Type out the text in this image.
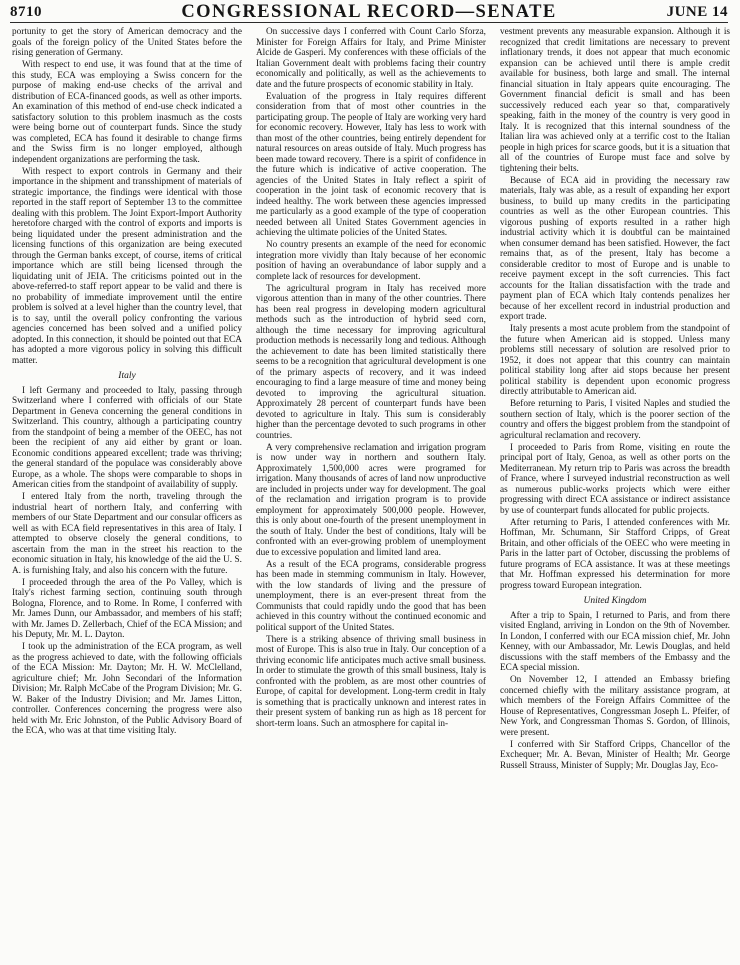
8710	CONGRESSIONAL RECORD—SENATE	JUNE 14

portunity to get the story of American democracy and the goals of the foreign policy of the United States before the rising generation of Germany.

With respect to end use, it was found that at the time of this study, ECA was employing a Swiss concern for the purpose of making end-use checks of the arrival and distribution of ECA-financed goods, as well as other imports. An examination of this method of end-use check indicated a satisfactory solution to this problem inasmuch as the costs were being borne out of counterpart funds. Since the study was completed, ECA has found it desirable to change firms and the Swiss firm is no longer employed, although independent organizations are performing the task.

With respect to export controls in Germany and their importance in the shipment and transshipment of materials of strategic importance, the findings were identical with those reported in the staff report of September 13 to the committee dealing with this problem. The Joint Export-Import Authority heretofore charged with the control of exports and imports is being liquidated under the present administration and the licensing functions of this organization are being executed through the German banks except, of course, items of critical importance which are still being licensed through the liquidating unit of JEIA. The criticisms pointed out in the above-referred-to staff report appear to be valid and there is no probability of immediate improvement until the entire problem is solved at a level higher than the country level, that is to say, until the overall policy confronting the various agencies concerned has been solved and a unified policy adopted. In this connection, it should be pointed out that ECA has adopted a more vigorous policy in solving this difficult matter.

Italy

I left Germany and proceeded to Italy, passing through Switzerland where I conferred with officials of our State Department in Geneva concerning the general conditions in Switzerland. This country, although a participating country from the standpoint of being a member of the OEEC, has not been the recipient of any aid either by grant or loan. Economic conditions appeared excellent; trade was thriving; the general standard of the populace was considerably above Europe, as a whole. The shops were comparable to shops in American cities from the standpoint of availability of supply.

I entered Italy from the north, traveling through the industrial heart of northern Italy, and conferring with members of our State Department and our consular officers as well as with ECA field representatives in this area of Italy. I attempted to observe closely the general conditions, to ascertain from the man in the street his reaction to the economic situation in Italy, his knowledge of the aid the U. S. A. is furnishing Italy, and also his concern with the future.

I proceeded through the area of the Po Valley, which is Italy's richest farming section, continuing south through Bologna, Florence, and to Rome. In Rome, I conferred with Mr. James Dunn, our Ambassador, and members of his staff; with Mr. James D. Zellerbach, Chief of the ECA Mission; and his Deputy, Mr. M. L. Dayton.

I took up the administration of the ECA program, as well as the progress achieved to date, with the following officials of the ECA Mission: Mr. Dayton; Mr. H. W. McClelland, agriculture chief; Mr. John Secondari of the Information Division; Mr. Ralph McCabe of the Program Division; Mr. G. W. Baker of the Industry Division; and Mr. James Litton, controller. Conferences concerning the progress were also held with Mr. Eric Johnston, of the Public Advisory Board of the ECA, who was at that time visiting Italy.

On successive days I conferred with Count Carlo Sforza, Minister for Foreign Affairs for Italy, and Prime Minister Alcide de Gasperi. My conferences with these officials of the Italian Government dealt with problems facing their country economically and politically, as well as the achievements to date and the future prospects of economic stability in Italy.

Evaluation of the progress in Italy requires different consideration from that of most other countries in the participating group. The people of Italy are working very hard for economic recovery. However, Italy has less to work with than most of the other countries, being entirely dependent for natural resources on areas outside of Italy. Much progress has been made toward recovery. There is a spirit of confidence in the future which is indicative of active cooperation. The agencies of the United States in Italy reflect a spirit of cooperation in the joint task of economic recovery that is indeed healthy. The work between these agencies impressed me particularly as a good example of the type of cooperation needed between all United States Government agencies in achieving the ultimate policies of the United States.

No country presents an example of the need for economic integration more vividly than Italy because of her economic position of having an overabundance of labor supply and a complete lack of resources for development.

The agricultural program in Italy has received more vigorous attention than in many of the other countries. There has been real progress in developing modern agricultural methods such as the introduction of hybrid seed corn, although the time necessary for improving agricultural production methods is necessarily long and tedious. Although the achievement to date has been limited statistically there seems to be a recognition that agricultural development is one of the primary aspects of recovery, and it was indeed encouraging to find a large measure of time and money being devoted to improving the agricultural situation. Approximately 28 percent of counterpart funds have been devoted to agriculture in Italy. This sum is considerably higher than the percentage devoted to such programs in other countries.

A very comprehensive reclamation and irrigation program is now under way in northern and southern Italy. Approximately 1,500,000 acres were programed for irrigation. Many thousands of acres of land now unproductive are included in projects under way for development. The goal of the reclamation and irrigation program is to provide employment for approximately 500,000 people. However, this is only about one-fourth of the present unemployment in the south of Italy. Under the best of conditions, Italy will be confronted with an ever-growing problem of unemployment due to excessive population and limited land area.

As a result of the ECA programs, considerable progress has been made in stemming communism in Italy. However, with the low standards of living and the pressure of unemployment, there is an ever-present threat from the Communists that could rapidly undo the good that has been achieved in this country without the continued economic and political support of the United States.

There is a striking absence of thriving small business in most of Europe. This is also true in Italy. Our conception of a thriving economic life anticipates much active small business. In order to stimulate the growth of this small business, Italy is confronted with the problem, as are most other countries of Europe, of capital for development. Long-term credit in Italy is something that is practically unknown and interest rates in their present system of banking run as high as 18 percent for short-term loans. Such an atmosphere for capital in-

vestment prevents any measurable expansion. Although it is recognized that credit limitations are necessary to prevent inflationary trends, it does not appear that much economic expansion can be achieved until there is ample credit available for business, both large and small. The internal financial situation in Italy appears quite encouraging. The Government financial deficit is small and has been successively reduced each year so that, comparatively speaking, faith in the money of the country is very good in Italy. It is recognized that this internal soundness of the Italian lira was achieved only at a terrific cost to the Italian people in high prices for scarce goods, but it is a situation that all of the countries of Europe must face and solve by tightening their belts.

Because of ECA aid in providing the necessary raw materials, Italy was able, as a result of expanding her export business, to build up many credits in the participating countries as well as the other European countries. This vigorous pushing of exports resulted in a rather high industrial activity which it is doubtful can be maintained when consumer demand has been satisfied. However, the fact remains that, as of the present, Italy has become a considerable creditor to most of Europe and is unable to receive payment except in the soft currencies. This fact accounts for the Italian dissatisfaction with the trade and payment plan of ECA which Italy contends penalizes her because of her excellent record in industrial production and export trade.

Italy presents a most acute problem from the standpoint of the future when American aid is stopped. Unless many problems still necessary of solution are resolved prior to 1952, it does not appear that this country can maintain political stability long after aid stops because her present political stability is dependent upon economic progress directly attributable to American aid.

Before returning to Paris, I visited Naples and studied the southern section of Italy, which is the poorer section of the country and offers the biggest problem from the standpoint of agricultural reclamation and recovery.

I proceeded to Paris from Rome, visiting en route the principal port of Italy, Genoa, as well as other ports on the Mediterranean. My return trip to Paris was across the breadth of France, where I surveyed industrial reconstruction as well as numerous public-works projects which were either progressing with direct ECA assistance or indirect assistance by use of counterpart funds allocated for public projects.

After returning to Paris, I attended conferences with Mr. Hoffman, Mr. Schumann, Sir Stafford Cripps, of Great Britain, and other officials of the OEEC who were meeting in Paris in the latter part of October, discussing the problems of future programs of ECA assistance. It was at these meetings that Mr. Hoffman expressed his determination for more progress toward European integration.

United Kingdom

After a trip to Spain, I returned to Paris, and from there visited England, arriving in London on the 9th of November. In London, I conferred with our ECA mission chief, Mr. John Kenney, with our Ambassador, Mr. Lewis Douglas, and held discussions with the staff members of the Embassy and the ECA special mission.

On November 12, I attended an Embassy briefing concerned chiefly with the military assistance program, at which members of the Foreign Affairs Committee of the House of Representatives, Congressman Joseph L. Pfeifer, of New York, and Congressman Thomas S. Gordon, of Illinois, were present.

I conferred with Sir Stafford Cripps, Chancellor of the Exchequer; Mr. A. Bevan, Minister of Health; Mr. George Russell Strauss, Minister of Supply; Mr. Douglas Jay, Eco-
